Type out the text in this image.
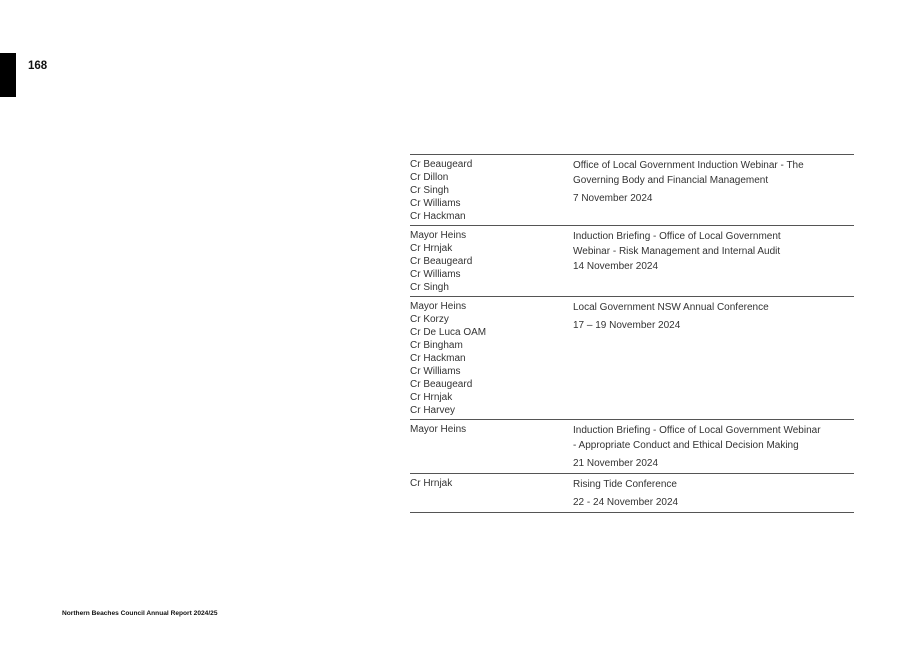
168
Cr Beaugeard
Cr Dillon
Cr Singh
Cr Williams
Cr Hackman
Office of Local Government Induction Webinar - The
Governing Body and Financial Management
7 November 2024
Mayor Heins
Cr Hrnjak
Cr Beaugeard
Cr Williams
Cr Singh
Induction Briefing - Office of Local Government
Webinar - Risk Management and Internal Audit
14 November 2024
Mayor Heins
Cr Korzy
Cr De Luca OAM
Cr Bingham
Cr Hackman
Cr Williams
Cr Beaugeard
Cr Hrnjak
Cr Harvey
Local Government NSW Annual Conference
17 – 19 November 2024
Mayor Heins	Induction Briefing - Office of Local Government Webinar
- Appropriate Conduct and Ethical Decision Making
21 November 2024
Cr Hrnjak	Rising Tide Conference
22 - 24 November 2024
Northern Beaches Council Annual Report 2024/25
